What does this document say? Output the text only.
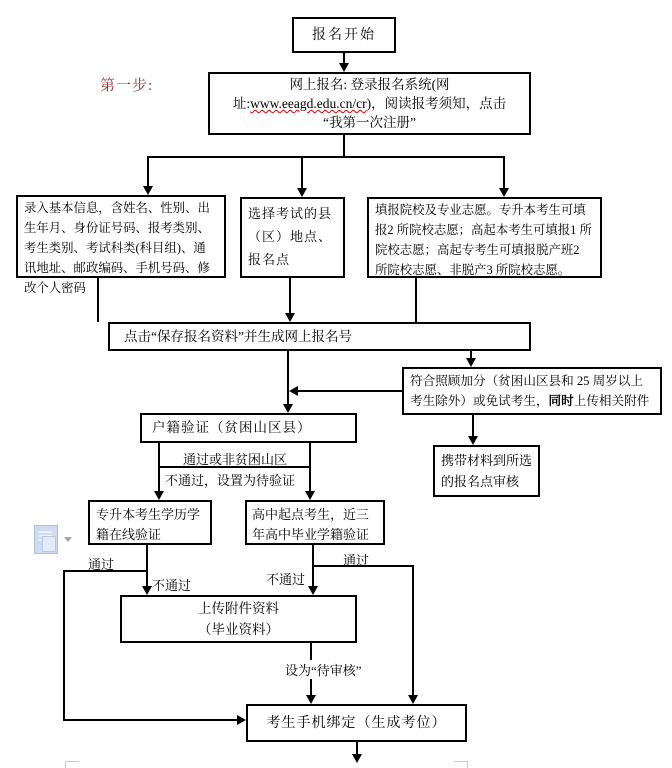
第一步:
报名开始
网上报名: 登录报名系统(网
址:www.eeagd.edu.cn/cr)，阅读报考须知，点击
“我第一次注册”
录入基本信息，含姓名、性别、出生年月、身份证号码、报考类别、考生类别、考试科类(科目组)、通讯地址、邮政编码、手机号码、修改个人密码
选择考试的县（区）地点、报名点
填报院校及专业志愿。专升本考生可填报2 所院校志愿；高起本考生可填报1 所院校志愿；高起专考生可填报脱产班2 所院校志愿、非脱产3 所院校志愿。
点击“保存报名资料”并生成网上报名号
符合照顾加分（贫困山区县和 25 周岁以上考生除外）或免试考生，同时上传相关附件
户籍验证（贫困山区县）
携带材料到所选的报名点审核
专升本考生学历学籍在线验证
高中起点考生，近三年高中毕业学籍验证
上传附件资料
（毕业资料）
考生手机绑定（生成考位）
通过或非贫困山区
不通过，设置为待验证
通过
不通过	不通过
通过
设为“待审核”
